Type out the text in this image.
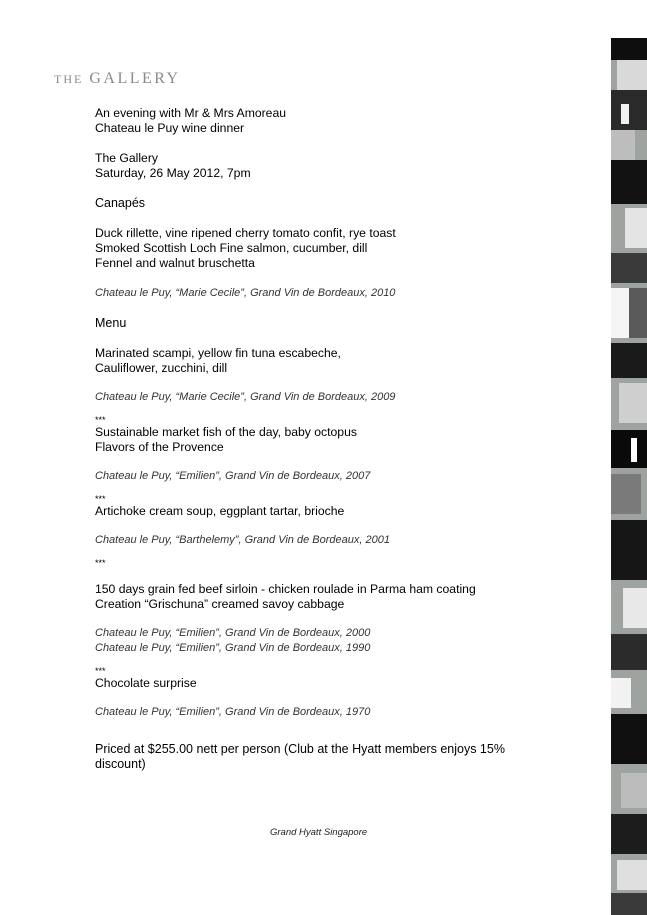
THE GALLERY
An evening with Mr & Mrs Amoreau
Chateau le Puy wine dinner
The Gallery
Saturday, 26 May 2012, 7pm
Canapés
Duck rillette, vine ripened cherry tomato confit, rye toast
Smoked Scottish Loch Fine salmon, cucumber, dill
Fennel and walnut bruschetta
Chateau le Puy, “Marie Cecile”, Grand Vin de Bordeaux, 2010
Menu
Marinated scampi, yellow fin tuna escabeche,
Cauliflower, zucchini, dill
Chateau le Puy, “Marie Cecile”, Grand Vin de Bordeaux, 2009
***
Sustainable market fish of the day, baby octopus
Flavors of the Provence
Chateau le Puy, “Emilien”, Grand Vin de Bordeaux, 2007
***
Artichoke cream soup, eggplant tartar, brioche
Chateau le Puy, “Barthelemy”, Grand Vin de Bordeaux, 2001
***
150 days grain fed beef sirloin - chicken roulade in Parma ham coating
Creation “Grischuna” creamed savoy cabbage
Chateau le Puy, “Emilien”, Grand Vin de Bordeaux, 2000
Chateau le Puy, “Emilien”, Grand Vin de Bordeaux, 1990
***
Chocolate surprise
Chateau le Puy, “Emilien”, Grand Vin de Bordeaux, 1970
Priced at $255.00 nett per person (Club at the Hyatt members enjoys 15% discount)
Grand Hyatt Singapore
